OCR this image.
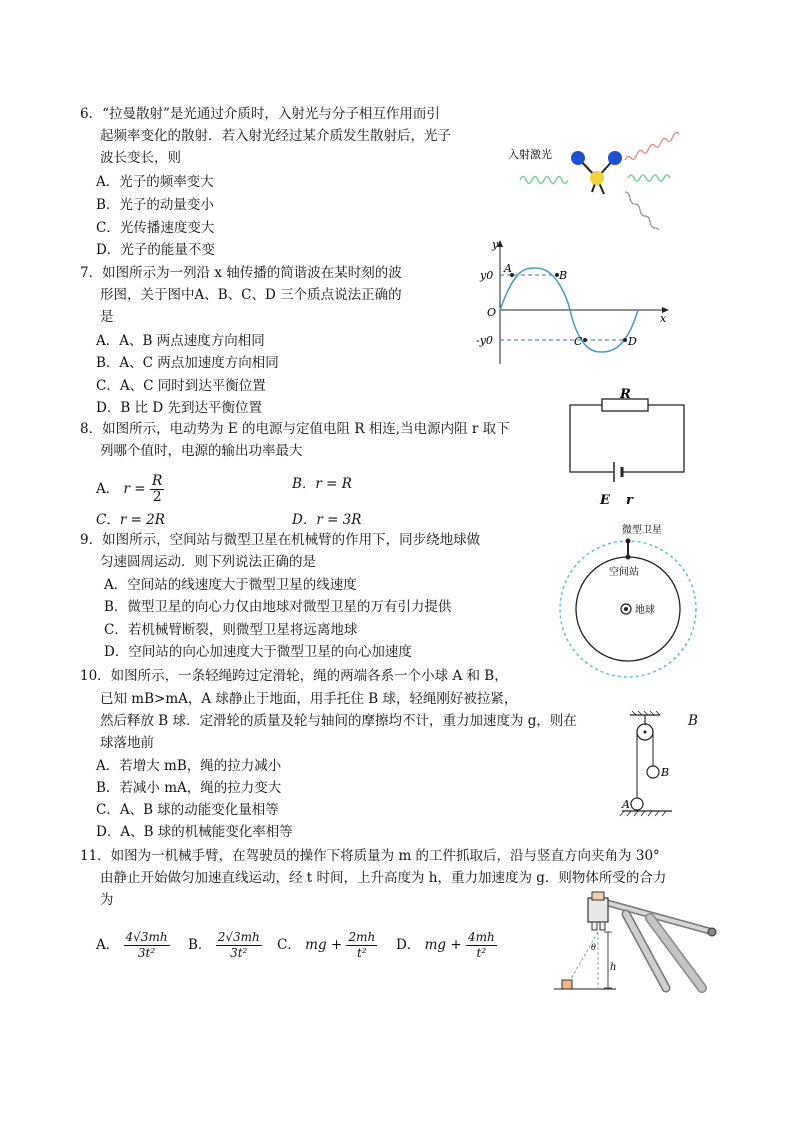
6．“拉曼散射”是光通过介质时，入射光与分子相互作用而引
起频率变化的散射．若入射光经过某介质发生散射后，光子
波长变长，则
A．光子的频率变大
B．光子的动量变小
C．光传播速度变大
D．光子的能量不变
入射激光
7．如图所示为一列沿 x 轴传播的简谐波在某时刻的波
形图，关于图中A、B、C、D 三个质点说法正确的
是
A．A、B 两点速度方向相同
B．A、C 两点加速度方向相同
C．A、C 同时到达平衡位置
D．B 比 D 先到达平衡位置
y
x
O
y0
-y0
A
B
C	D
8．如图所示，电动势为 E 的电源与定值电阻 R 相连,当电源内阻 r 取下
列哪个值时，电源的输出功率最大
A． $r = \frac{R}{2}$	B．r = R
C．r = 2R	D．r = 3R
R
E r
9．如图所示，空间站与微型卫星在机械臂的作用下，同步绕地球做
匀速圆周运动．则下列说法正确的是
A．空间站的线速度大于微型卫星的线速度
B．微型卫星的向心力仅由地球对微型卫星的万有引力提供
C．若机械臂断裂，则微型卫星将远离地球
D．空间站的向心加速度大于微型卫星的向心加速度
微型卫星
空间站
地球
10．如图所示，一条轻绳跨过定滑轮，绳的两端各系一个小球 A 和 B，
已知 mB>mA，A 球静止于地面，用手托住 B 球，轻绳刚好被拉紧，
然后释放 B 球．定滑轮的质量及轮与轴间的摩擦均不计，重力加速度为 g，则在	B
球落地前
A．若增大 mB，绳的拉力减小
B．若减小 mA，绳的拉力变大
C．A、B 球的动能变化量相等
D．A、B 球的机械能变化率相等
B
A
11．如图为一机械手臂，在驾驶员的操作下将质量为 m 的工件抓取后，沿与竖直方向夹角为 30°
由静止开始做匀加速直线运动，经 t 时间，上升高度为 h，重力加速度为 g．则物体所受的合力
为
A． $\frac{4√3mh}{\text{3t²}}$ B． $\frac{2√3mh}{\text{3t²}}$ C． mg + $\frac{2mh}{\text{t²}}$ D． mg + $\frac{4mh}{\text{t²}}$
h
θ
